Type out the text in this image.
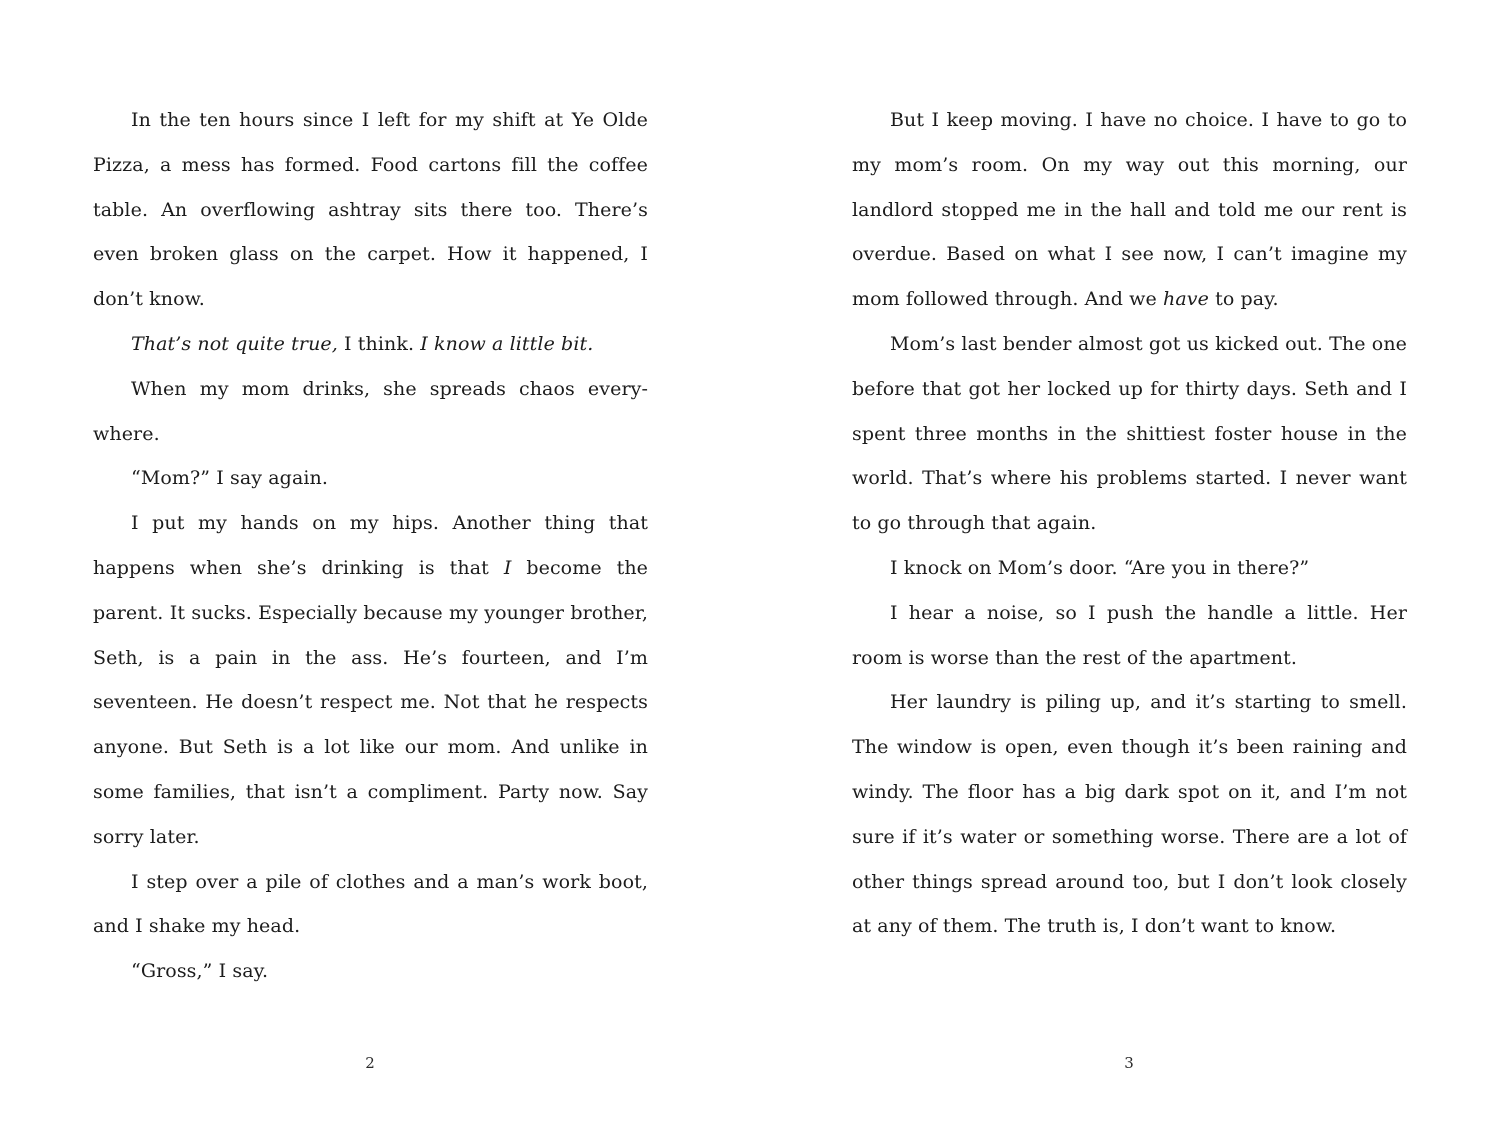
In the ten hours since I left for my shift at Ye Olde Pizza, a mess has formed. Food cartons fill the coffee table. An overflowing ashtray sits there too. There’s even broken glass on the carpet. How it happened, I don’t know.

That’s not quite true, I think. I know a little bit.

When my mom drinks, she spreads chaos every-where.

“Mom?” I say again.

I put my hands on my hips. Another thing that happens when she’s drinking is that I become the parent. It sucks. Especially because my younger brother, Seth, is a pain in the ass. He’s fourteen, and I’m seventeen. He doesn’t respect me. Not that he respects anyone. But Seth is a lot like our mom. And unlike in some families, that isn’t a compliment. Party now. Say sorry later.

I step over a pile of clothes and a man’s work boot, and I shake my head.

“Gross,” I say.

But I keep moving. I have no choice. I have to go to my mom’s room. On my way out this morning, our landlord stopped me in the hall and told me our rent is overdue. Based on what I see now, I can’t imagine my mom followed through. And we have to pay.

Mom’s last bender almost got us kicked out. The one before that got her locked up for thirty days. Seth and I spent three months in the shittiest foster house in the world. That’s where his problems started. I never want to go through that again.

I knock on Mom’s door. “Are you in there?”

I hear a noise, so I push the handle a little. Her room is worse than the rest of the apartment.

Her laundry is piling up, and it’s starting to smell. The window is open, even though it’s been raining and windy. The floor has a big dark spot on it, and I’m not sure if it’s water or something worse. There are a lot of other things spread around too, but I don’t look closely at any of them. The truth is, I don’t want to know.

2	3
